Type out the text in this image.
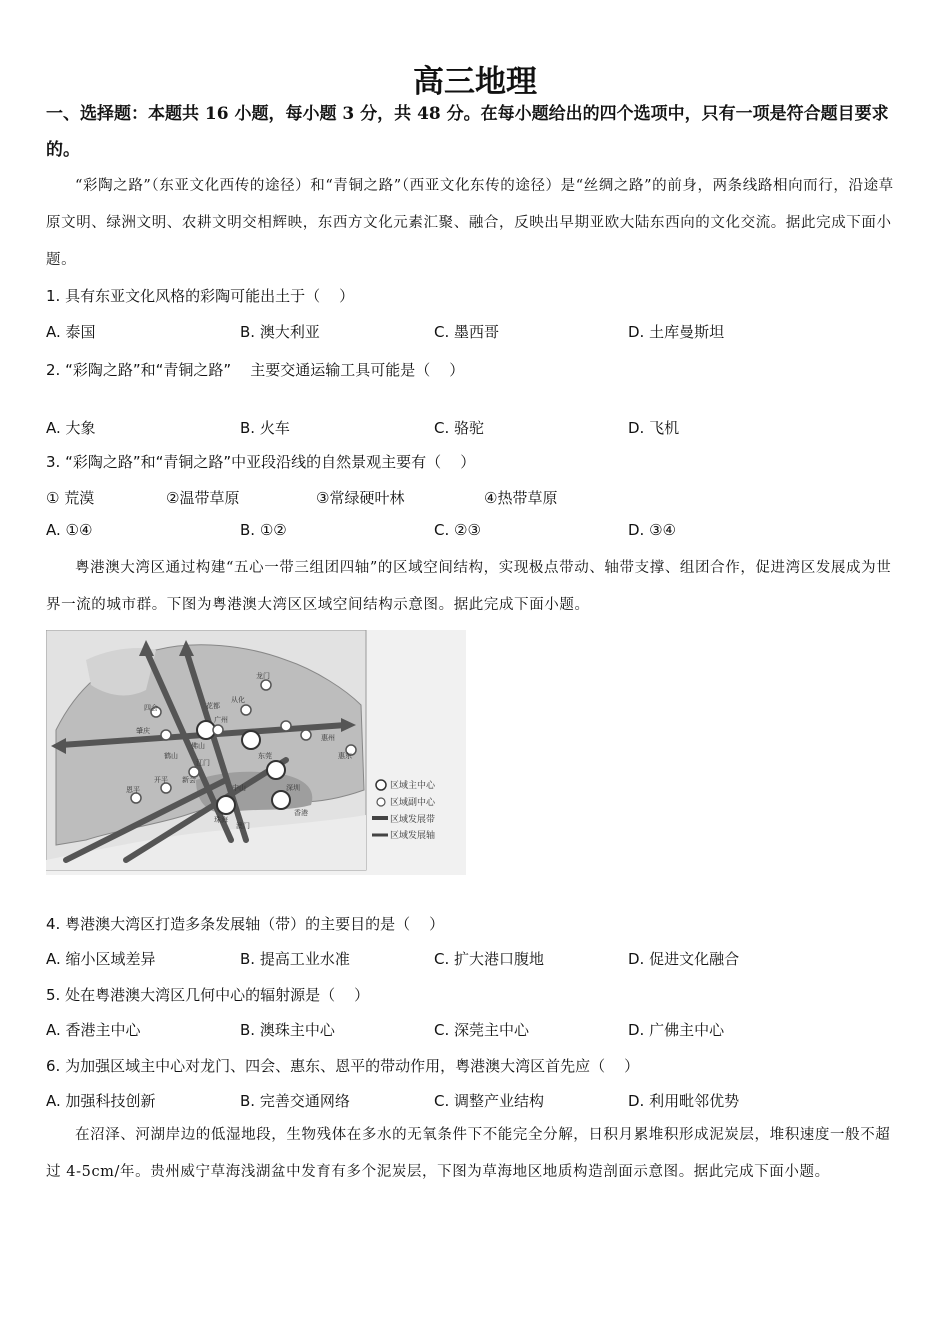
高三地理
一、选择题：本题共 16 小题，每小题 3 分，共 48 分。在每小题给出的四个选项中，只有一项是符合题目要求的。
“彩陶之路”（东亚文化西传的途径）和“青铜之路”（西亚文化东传的途径）是“丝绸之路”的前身，两条线路相向而行，沿途草原文明、绿洲文明、农耕文明交相辉映，东西方文化元素汇聚、融合，反映出早期亚欧大陆东西向的文化交流。据此完成下面小题。
1. 具有东亚文化风格的彩陶可能出土于（    ）
A. 泰国	B. 澳大利亚	C. 墨西哥	D. 土库曼斯坦
2. “彩陶之路”和“青铜之路”    主要交通运输工具可能是（    ）
A. 大象	B. 火车	C. 骆驼	D. 飞机
3. “彩陶之路”和“青铜之路”中亚段沿线的自然景观主要有（    ）
① 荒漠	②温带草原	③常绿硬叶林	④热带草原
A. ①④	B. ①②	C. ②③	D. ③④
粤港澳大湾区通过构建“五心一带三组团四轴”的区域空间结构，实现极点带动、轴带支撑、组团合作，促进湾区发展成为世界一流的城市群。下图为粤港澳大湾区区域空间结构示意图。据此完成下面小题。
区域主中心
区域副中心
区域发展带
区域发展轴
四会
肇庆
广州
佛山
惠州
东莞
深圳
江门
开平
恩平
龙门
惠东
新会
鹤山
中山
珠海
澳门
香港
从化
花都
4. 粤港澳大湾区打造多条发展轴（带）的主要目的是（    ）
A. 缩小区域差异	B. 提高工业水准	C. 扩大港口腹地	D. 促进文化融合
5. 处在粤港澳大湾区几何中心的辐射源是（    ）
A. 香港主中心	B. 澳珠主中心	C. 深莞主中心	D. 广佛主中心
6. 为加强区域主中心对龙门、四会、惠东、恩平的带动作用，粤港澳大湾区首先应（    ）
A. 加强科技创新	B. 完善交通网络	C. 调整产业结构	D. 利用毗邻优势
在沼泽、河湖岸边的低湿地段，生物残体在多水的无氧条件下不能完全分解，日积月累堆积形成泥炭层，堆积速度一般不超过 4-5cm/年。贵州威宁草海浅湖盆中发育有多个泥炭层，下图为草海地区地质构造剖面示意图。据此完成下面小题。
